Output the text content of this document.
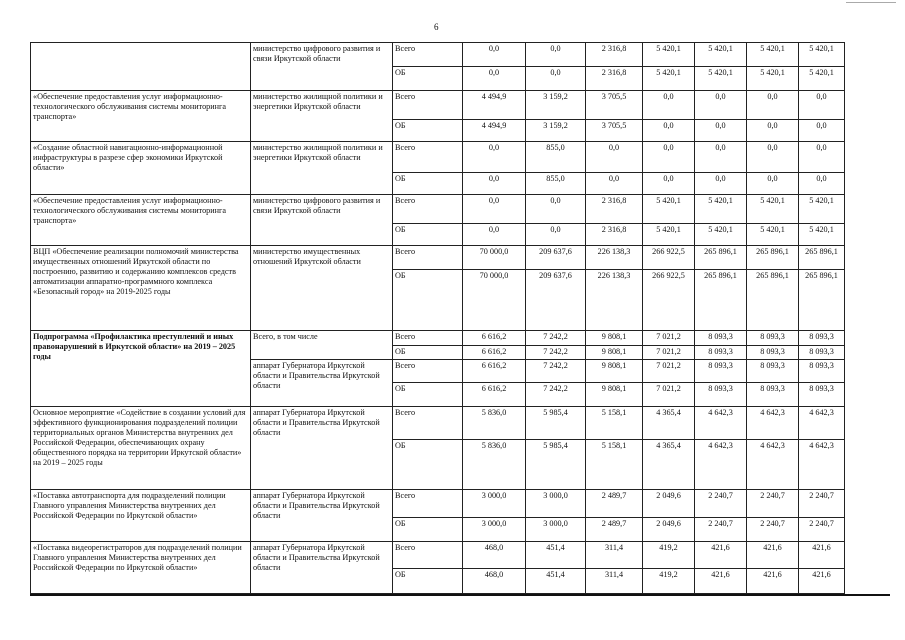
6
	министерство цифрового развития и связи Иркутской области	Всего	0,0	0,0	2 316,8	5 420,1	5 420,1	5 420,1	5 420,1
		ОБ	0,0	0,0	2 316,8	5 420,1	5 420,1	5 420,1	5 420,1
«Обеспечение предоставления услуг информационно-технологического обслуживания системы мониторинга транспорта»	министерство жилищной политики и энергетики Иркутской области	Всего	4 494,9	3 159,2	3 705,5	0,0	0,0	0,0	0,0
		ОБ	4 494,9	3 159,2	3 705,5	0,0	0,0	0,0	0,0
«Создание областной навигационно-информационной инфраструктуры в разрезе сфер экономики Иркутской области»	министерство жилищной политики и энергетики Иркутской области	Всего	0,0	855,0	0,0	0,0	0,0	0,0	0,0
		ОБ	0,0	855,0	0,0	0,0	0,0	0,0	0,0
«Обеспечение предоставления услуг информационно-технологического обслуживания системы мониторинга транспорта»	министерство цифрового развития и связи Иркутской области	Всего	0,0	0,0	2 316,8	5 420,1	5 420,1	5 420,1	5 420,1
		ОБ	0,0	0,0	2 316,8	5 420,1	5 420,1	5 420,1	5 420,1
ВЦП «Обеспечение реализации полномочий министерства имущественных отношений Иркутской области по построению, развитию и содержанию комплексов средств автоматизации аппаратно-программного комплекса «Безопасный город» на 2019-2025 годы	министерство имущественных отношений Иркутской области	Всего	70 000,0	209 637,6	226 138,3	266 922,5	265 896,1	265 896,1	265 896,1
		ОБ	70 000,0	209 637,6	226 138,3	266 922,5	265 896,1	265 896,1	265 896,1
Подпрограмма «Профилактика преступлений и иных правонарушений в Иркутской области» на 2019 – 2025 годы	Всего, в том числе	Всего	6 616,2	7 242,2	9 808,1	7 021,2	8 093,3	8 093,3	8 093,3
		ОБ	6 616,2	7 242,2	9 808,1	7 021,2	8 093,3	8 093,3	8 093,3
	аппарат Губернатора Иркутской области и Правительства Иркутской области	Всего	6 616,2	7 242,2	9 808,1	7 021,2	8 093,3	8 093,3	8 093,3
		ОБ	6 616,2	7 242,2	9 808,1	7 021,2	8 093,3	8 093,3	8 093,3
Основное мероприятие «Содействие в создании условий для эффективного функционирования подразделений полиции территориальных органов Министерства внутренних дел Российской Федерации, обеспечивающих охрану общественного порядка на территории Иркутской области» на 2019 – 2025 годы	аппарат Губернатора Иркутской области и Правительства Иркутской области	Всего	5 836,0	5 985,4	5 158,1	4 365,4	4 642,3	4 642,3	4 642,3
		ОБ	5 836,0	5 985,4	5 158,1	4 365,4	4 642,3	4 642,3	4 642,3
«Поставка автотранспорта для подразделений полиции Главного управления Министерства внутренних дел Российской Федерации по Иркутской области»	аппарат Губернатора Иркутской области и Правительства Иркутской области	Всего	3 000,0	3 000,0	2 489,7	2 049,6	2 240,7	2 240,7	2 240,7
		ОБ	3 000,0	3 000,0	2 489,7	2 049,6	2 240,7	2 240,7	2 240,7
«Поставка видеорегистраторов для подразделений полиции Главного управления Министерства внутренних дел Российской Федерации по Иркутской области»	аппарат Губернатора Иркутской области и Правительства Иркутской области	Всего	468,0	451,4	311,4	419,2	421,6	421,6	421,6
		ОБ	468,0	451,4	311,4	419,2	421,6	421,6	421,6
